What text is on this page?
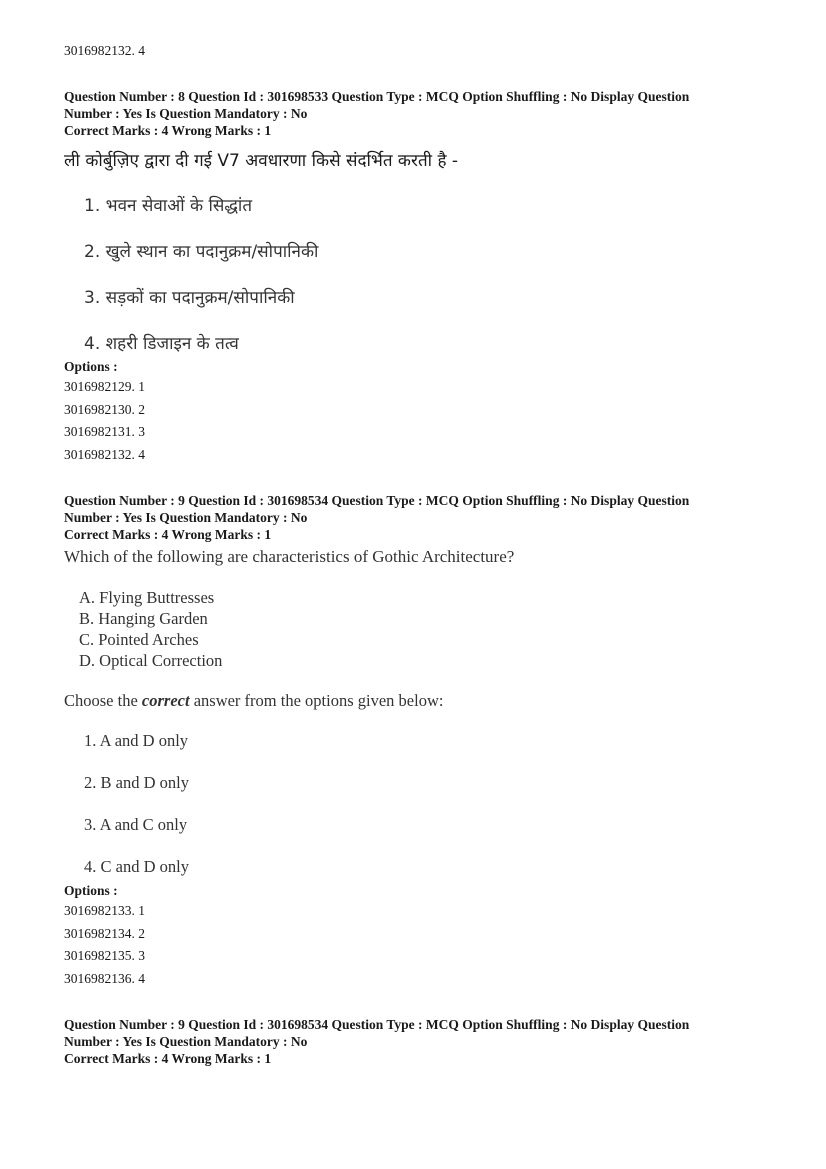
3016982132. 4
Question Number : 8 Question Id : 301698533 Question Type : MCQ Option Shuffling : No Display Question
Number : Yes Is Question Mandatory : No
Correct Marks : 4 Wrong Marks : 1
ली कोर्बुज़िए द्वारा दी गई V7 अवधारणा किसे संदर्भित करती है -
1. भवन सेवाओं के सिद्धांत
2. खुले स्थान का पदानुक्रम/सोपानिकी
3. सड़कों का पदानुक्रम/सोपानिकी
4. शहरी डिजाइन के तत्व
Options :
3016982129. 1
3016982130. 2
3016982131. 3
3016982132. 4
Question Number : 9 Question Id : 301698534 Question Type : MCQ Option Shuffling : No Display Question
Number : Yes Is Question Mandatory : No
Correct Marks : 4 Wrong Marks : 1
Which of the following are characteristics of Gothic Architecture?
A. Flying Buttresses
B. Hanging Garden
C. Pointed Arches
D. Optical Correction
Choose the correct answer from the options given below:
1. A and D only
2. B and D only
3. A and C only
4. C and D only
Options :
3016982133. 1
3016982134. 2
3016982135. 3
3016982136. 4
Question Number : 9 Question Id : 301698534 Question Type : MCQ Option Shuffling : No Display Question
Number : Yes Is Question Mandatory : No
Correct Marks : 4 Wrong Marks : 1
